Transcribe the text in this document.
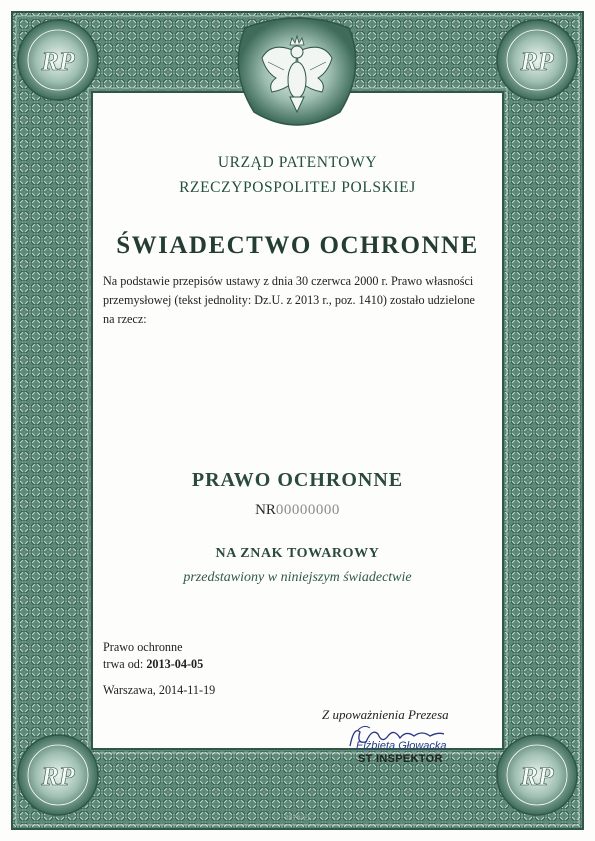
RP	RP
RP	RP
URZĄD PATENTOWY
RZECZYPOSPOLITEJ POLSKIEJ
ŚWIADECTWO OCHRONNE
Na podstawie przepisów ustawy z dnia 30 czerwca 2000 r. Prawo własności przemysłowej (tekst jednolity: Dz.U. z 2013 r., poz. 1410) zostało udzielone na rzecz:
PRAWO OCHRONNE
NR00000000
NA ZNAK TOWAROWY
przedstawiony w niniejszym świadectwie
Prawo ochronne
trwa od: 2013-04-05
Warszawa, 2014-11-19
Z upoważnienia Prezesa
Elżbieta Głowacka
ST INSPEKTOR
2878-11
